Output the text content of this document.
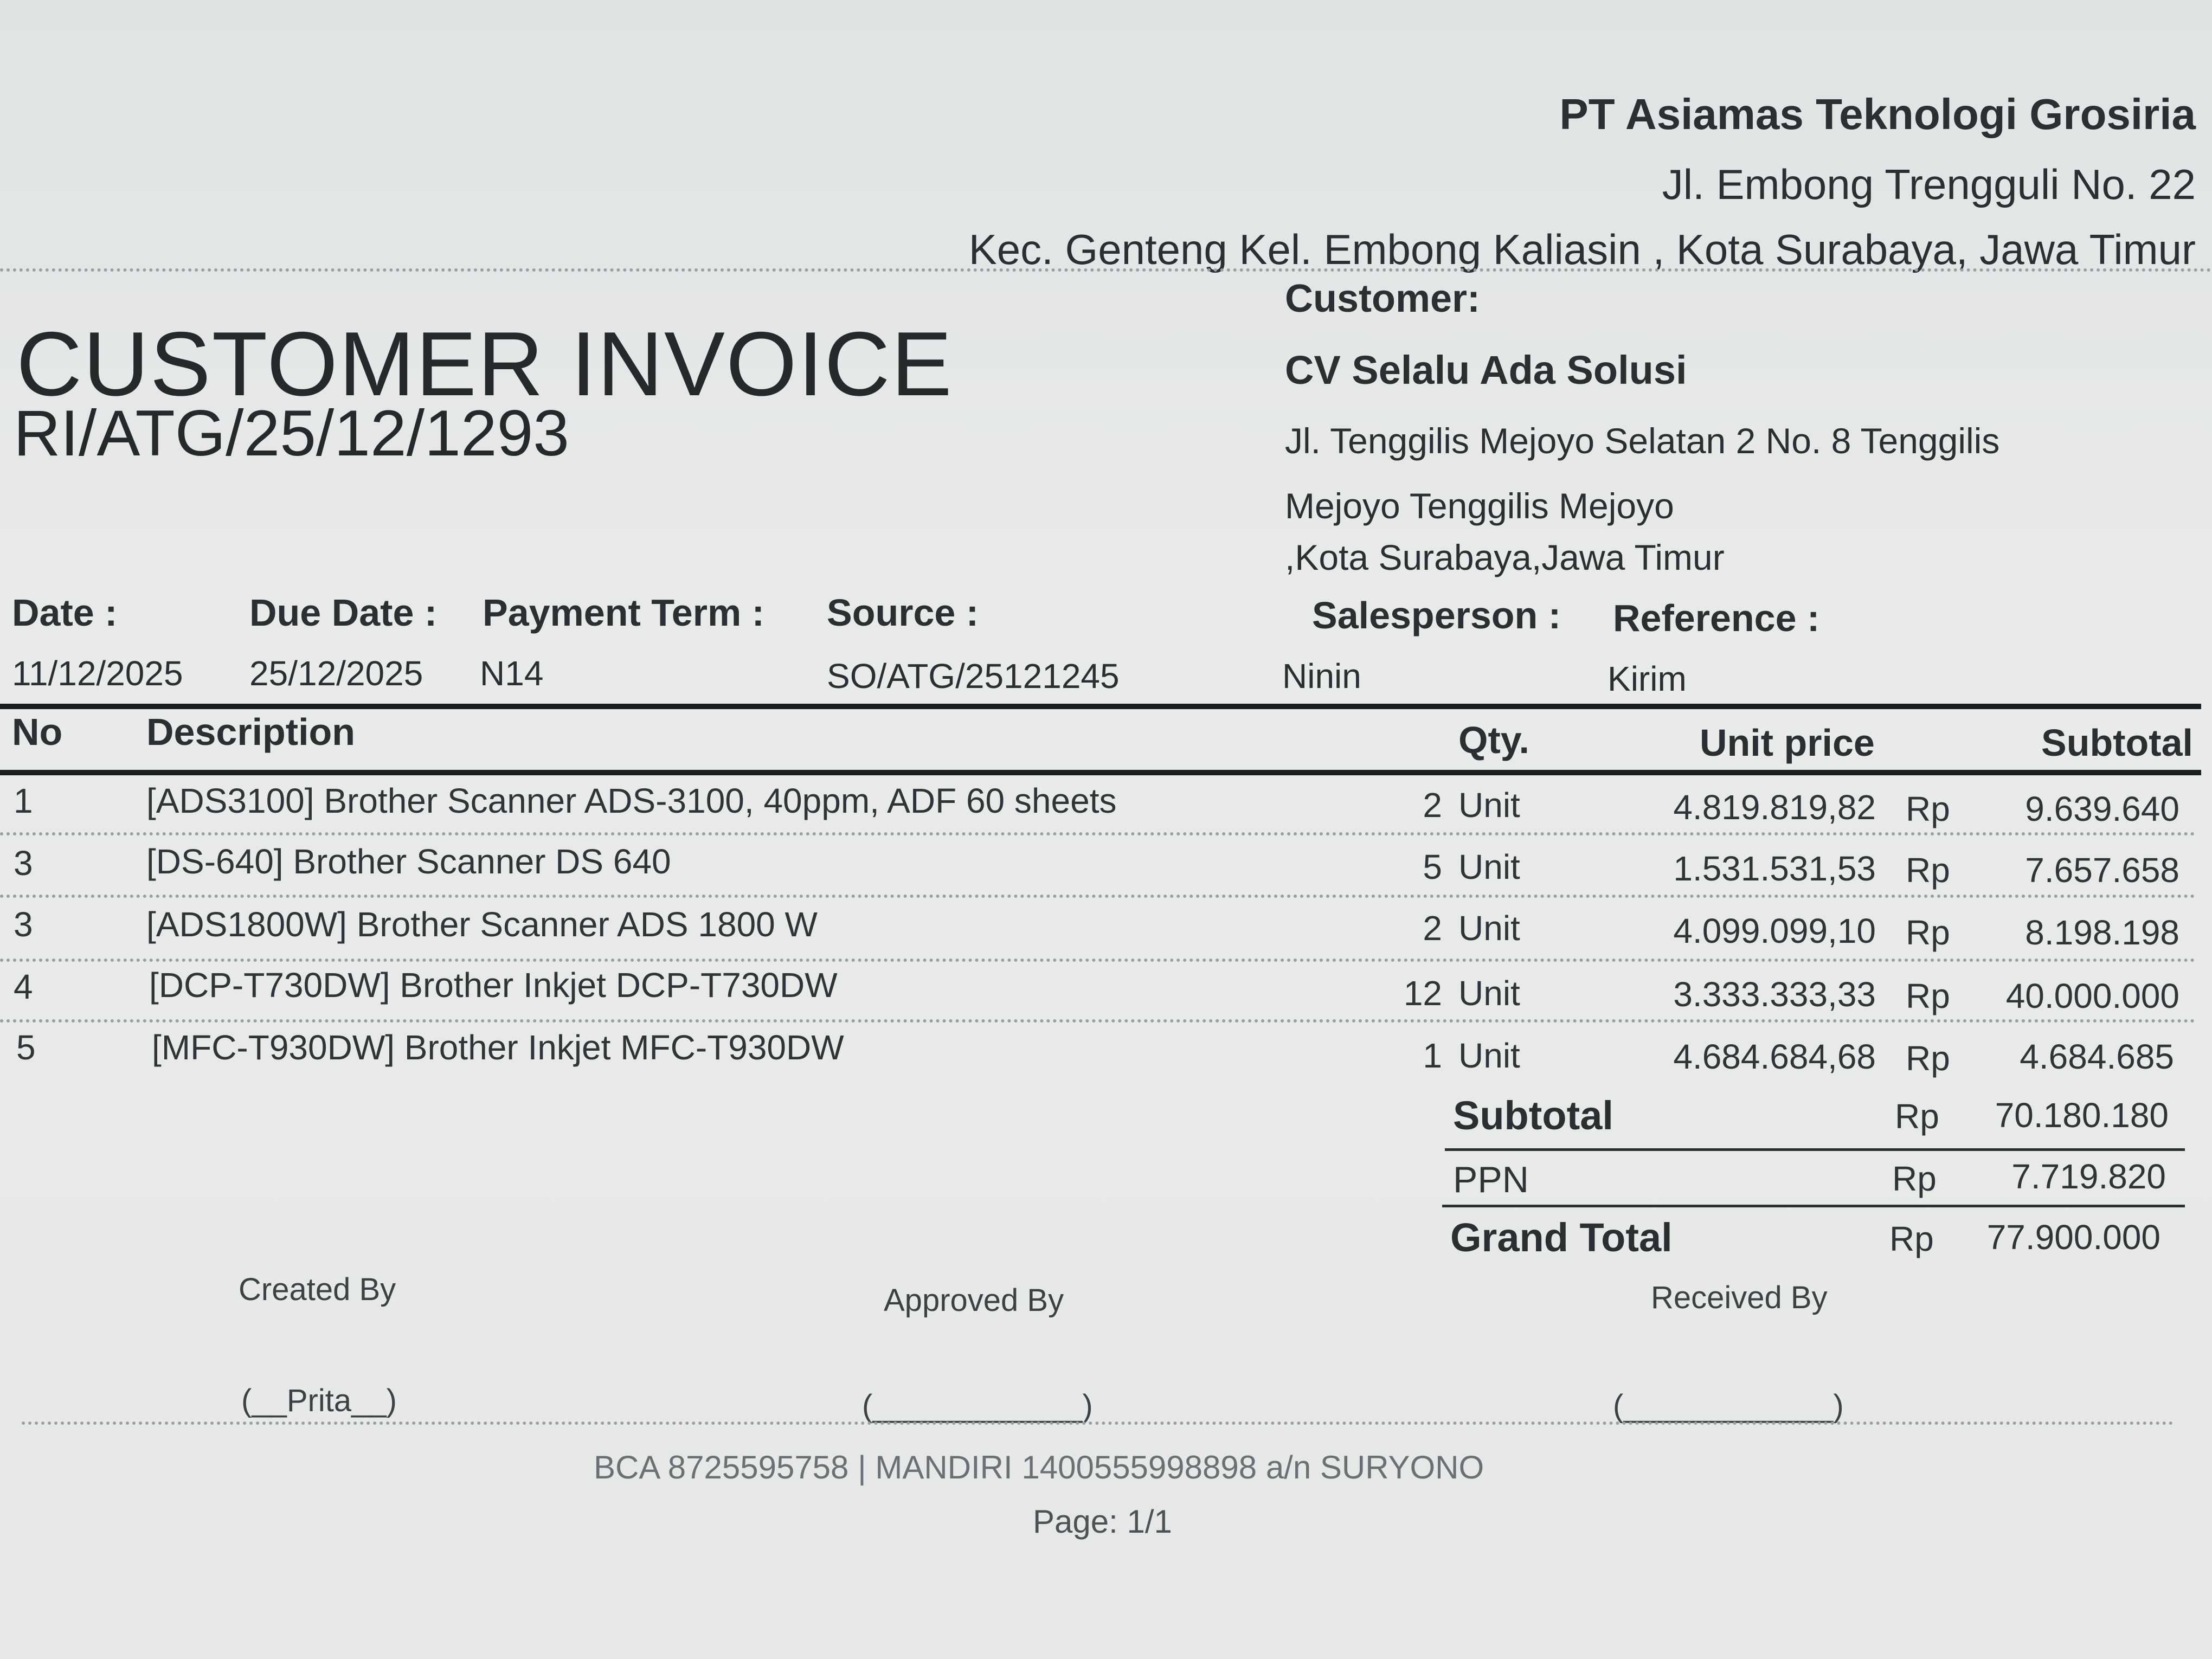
PT Asiamas Teknologi Grosiria
Jl. Embong Trengguli No. 22
Kec. Genteng Kel. Embong Kaliasin , Kota Surabaya, Jawa Timur
CUSTOMER INVOICE
RI/ATG/25/12/1293
Customer:
CV Selalu Ada Solusi
Jl. Tenggilis Mejoyo Selatan 2 No. 8 Tenggilis
Mejoyo Tenggilis Mejoyo
,Kota Surabaya,Jawa Timur
Date :
11/12/2025
Due Date :
25/12/2025
Payment Term :
N14
Source :
SO/ATG/25121245
Salesperson :
Ninin
Reference :
Kirim
No Description	Qty.	Unit price	Subtotal
1	[ADS3100] Brother Scanner ADS-3100, 40ppm, ADF 60 sheets	2 Unit	4.819.819,82 Rp 9.639.640
3	[DS-640] Brother Scanner DS 640	5 Unit	1.531.531,53 Rp 7.657.658
3	[ADS1800W] Brother Scanner ADS 1800 W	2 Unit	4.099.099,10 Rp 8.198.198
4	[DCP-T730DW] Brother Inkjet DCP-T730DW	12 Unit	3.333.333,33 Rp 40.000.000
5	[MFC-T930DW] Brother Inkjet MFC-T930DW	1 Unit	4.684.684,68 Rp 4.684.685
Subtotal	Rp 70.180.180
PPN	Rp 7.719.820
Grand Total	Rp 77.900.000
Created By	Approved By	Received By
(__Prita__)	(____________)	(____________)
BCA 8725595758 | MANDIRI 1400555998898 a/n SURYONO
Page: 1/1
